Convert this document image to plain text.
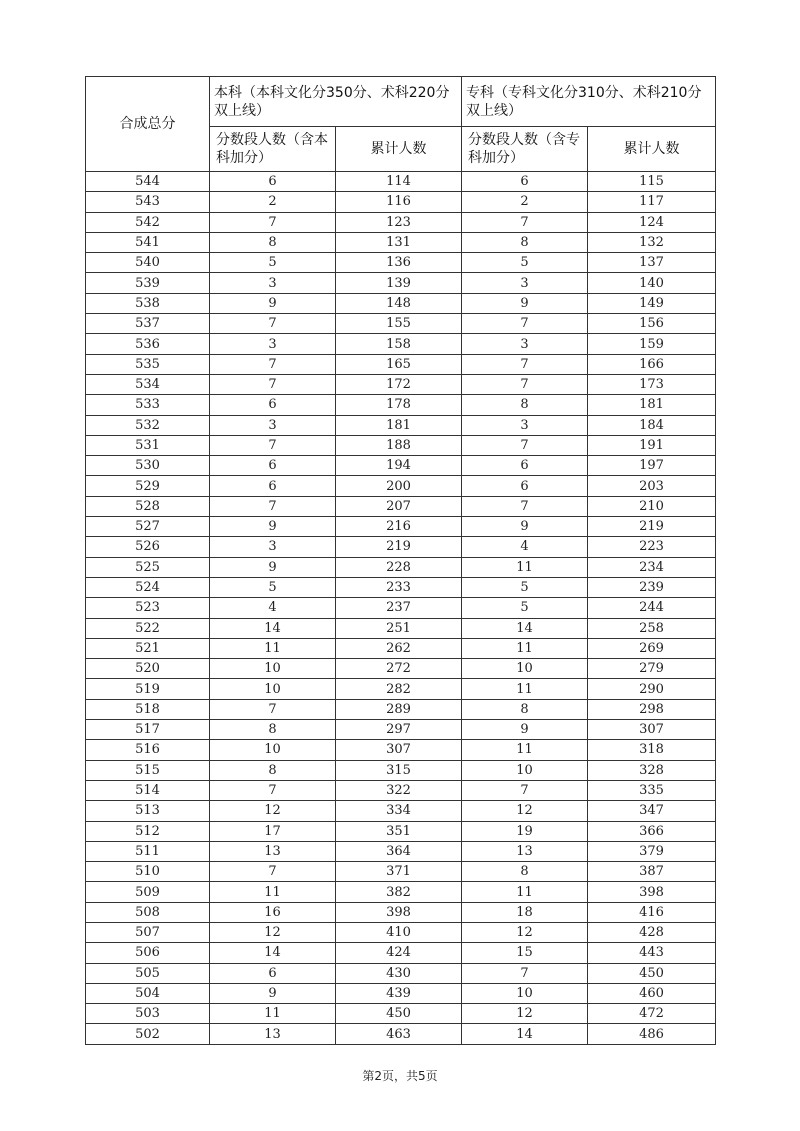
合成总分	本科（本科文化分350分、术科220分双上线）		专科（专科文化分310分、术科210分双上线）	
	分数段人数（含本科加分）	累计人数	分数段人数（含专科加分）	累计人数
544	6	114	6	115
543	2	116	2	117
542	7	123	7	124
541	8	131	8	132
540	5	136	5	137
539	3	139	3	140
538	9	148	9	149
537	7	155	7	156
536	3	158	3	159
535	7	165	7	166
534	7	172	7	173
533	6	178	8	181
532	3	181	3	184
531	7	188	7	191
530	6	194	6	197
529	6	200	6	203
528	7	207	7	210
527	9	216	9	219
526	3	219	4	223
525	9	228	11	234
524	5	233	5	239
523	4	237	5	244
522	14	251	14	258
521	11	262	11	269
520	10	272	10	279
519	10	282	11	290
518	7	289	8	298
517	8	297	9	307
516	10	307	11	318
515	8	315	10	328
514	7	322	7	335
513	12	334	12	347
512	17	351	19	366
511	13	364	13	379
510	7	371	8	387
509	11	382	11	398
508	16	398	18	416
507	12	410	12	428
506	14	424	15	443
505	6	430	7	450
504	9	439	10	460
503	11	450	12	472
502	13	463	14	486
第2页，共5页
